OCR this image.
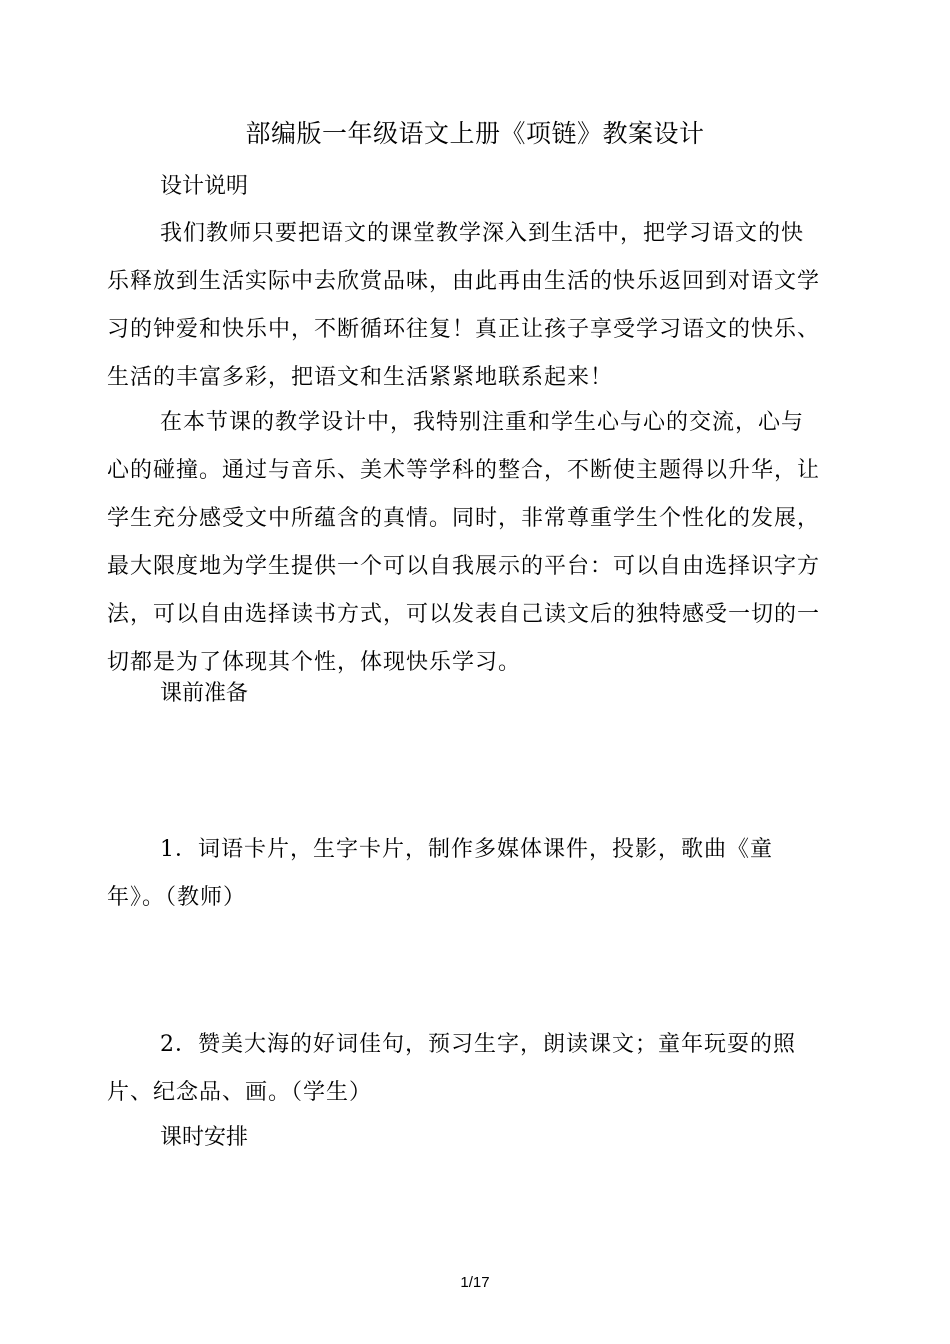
部编版一年级语文上册《项链》教案设计
设计说明
我们教师只要把语文的课堂教学深入到生活中，把学习语文的快
乐释放到生活实际中去欣赏品味，由此再由生活的快乐返回到对语文学
习的钟爱和快乐中，不断循环往复！真正让孩子享受学习语文的快乐、
生活的丰富多彩，把语文和生活紧紧地联系起来！
在本节课的教学设计中，我特别注重和学生心与心的交流，心与
心的碰撞。通过与音乐、美术等学科的整合，不断使主题得以升华，让
学生充分感受文中所蕴含的真情。同时，非常尊重学生个性化的发展，
最大限度地为学生提供一个可以自我展示的平台：可以自由选择识字方
法，可以自由选择读书方式，可以发表自己读文后的独特感受一切的一
切都是为了体现其个性，体现快乐学习。
课前准备
1．词语卡片，生字卡片，制作多媒体课件，投影，歌曲《童
年》。（教师）
2．赞美大海的好词佳句，预习生字，朗读课文；童年玩耍的照
片、纪念品、画。（学生）
课时安排
1/17
